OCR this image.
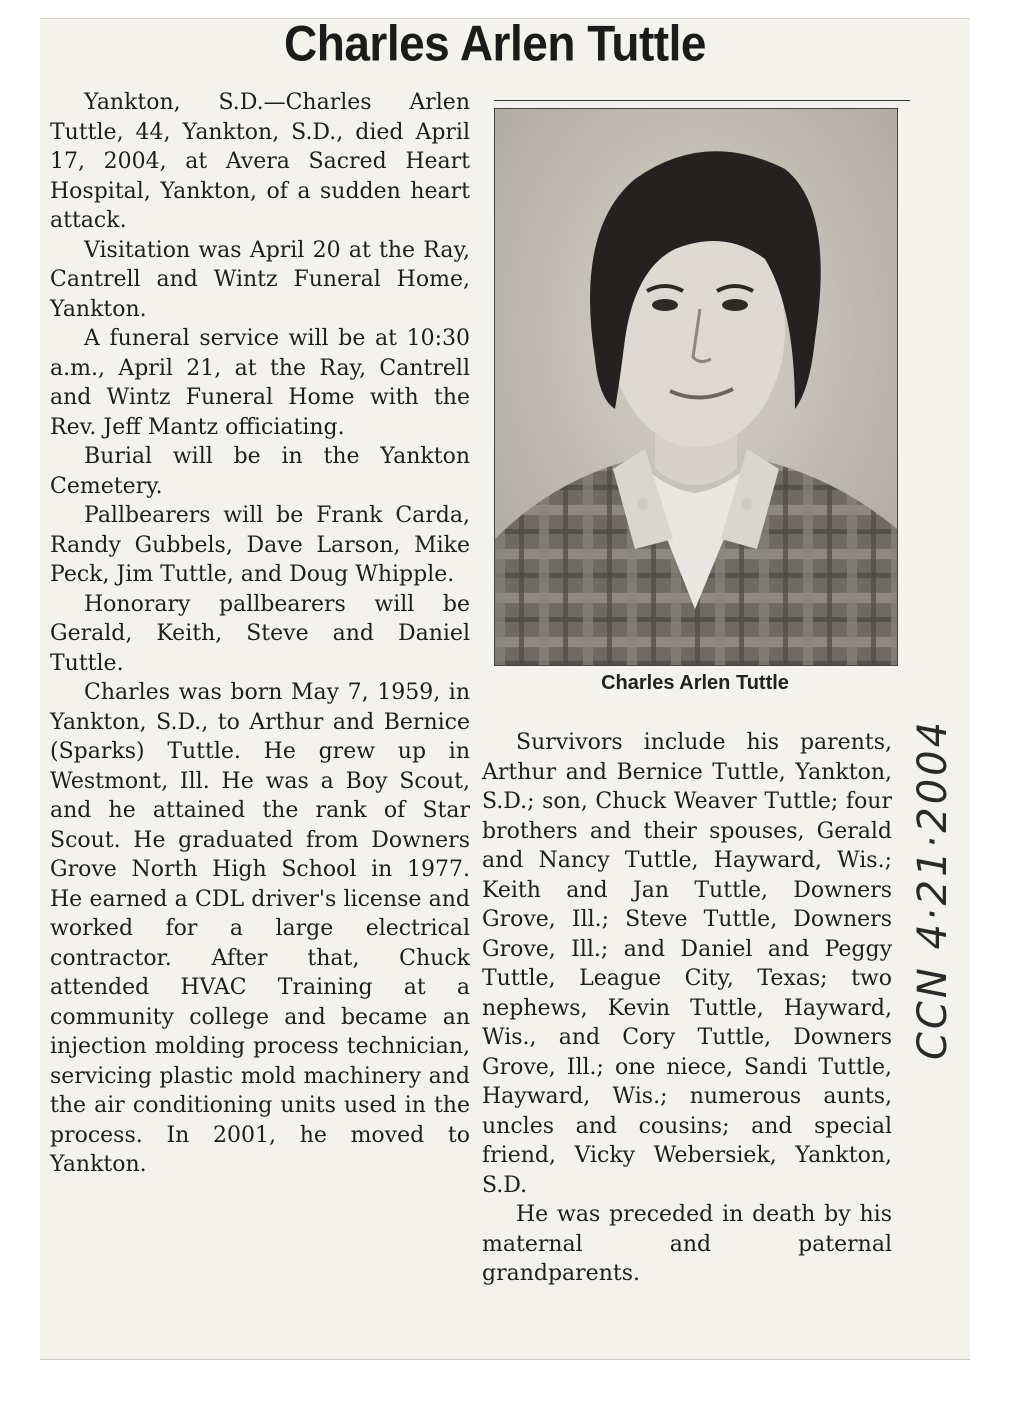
Charles Arlen Tuttle

Yankton, S.D.—Charles Arlen Tuttle, 44, Yankton, S.D., died April 17, 2004, at Avera Sacred Heart Hospital, Yankton, of a sudden heart attack.

Visitation was April 20 at the Ray, Cantrell and Wintz Funeral Home, Yankton.

A funeral service will be at 10:30 a.m., April 21, at the Ray, Cantrell and Wintz Funeral Home with the Rev. Jeff Mantz officiating.

Burial will be in the Yankton Cemetery.

Pallbearers will be Frank Carda, Randy Gubbels, Dave Larson, Mike Peck, Jim Tuttle, and Doug Whipple.

Honorary pallbearers will be Gerald, Keith, Steve and Daniel Tuttle.

Charles was born May 7, 1959, in Yankton, S.D., to Arthur and Bernice (Sparks) Tuttle. He grew up in Westmont, Ill. He was a Boy Scout, and he attained the rank of Star Scout. He graduated from Downers Grove North High School in 1977. He earned a CDL driver's license and worked for a large electrical contractor. After that, Chuck attended HVAC Training at a community college and became an injection molding process technician, servicing plastic mold machinery and the air conditioning units used in the process. In 2001, he moved to Yankton.

Charles Arlen Tuttle

Survivors include his parents, Arthur and Bernice Tuttle, Yankton, S.D.; son, Chuck Weaver Tuttle; four brothers and their spouses, Gerald and Nancy Tuttle, Hayward, Wis.; Keith and Jan Tuttle, Downers Grove, Ill.; Steve Tuttle, Downers Grove, Ill.; and Daniel and Peggy Tuttle, League City, Texas; two nephews, Kevin Tuttle, Hayward, Wis., and Cory Tuttle, Downers Grove, Ill.; one niece, Sandi Tuttle, Hayward, Wis.; numerous aunts, uncles and cousins; and special friend, Vicky Webersiek, Yankton, S.D.

He was preceded in death by his maternal and paternal grandparents.

CCN 4·21·2004
